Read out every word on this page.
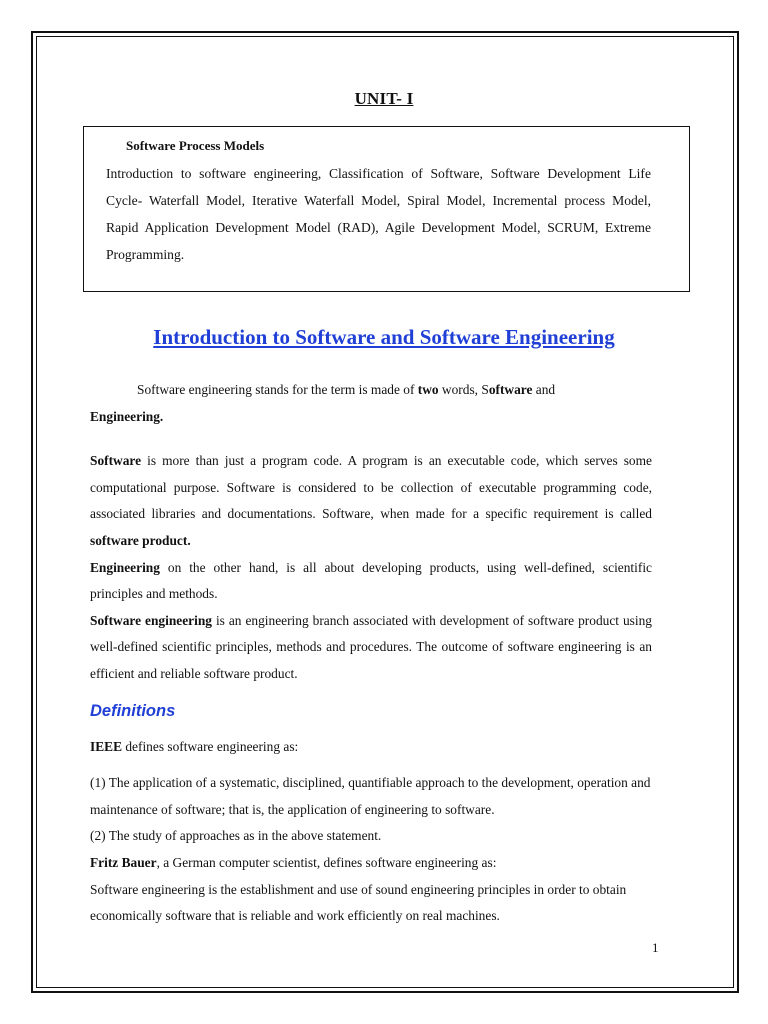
UNIT- I
Software Process Models
Introduction to software engineering, Classification of Software, Software Development Life Cycle- Waterfall Model, Iterative Waterfall Model, Spiral Model, Incremental process Model, Rapid Application Development Model (RAD), Agile Development Model, SCRUM, Extreme Programming.
Introduction to Software and Software Engineering

Software engineering stands for the term is made of two words, Software and

Engineering.

Software is more than just a program code. A program is an executable code, which serves some computational purpose. Software is considered to be collection of executable programming code, associated libraries and documentations. Software, when made for a specific requirement is called software product.

Engineering on the other hand, is all about developing products, using well-defined, scientific principles and methods.

Software engineering is an engineering branch associated with development of software product using well-defined scientific principles, methods and procedures. The outcome of software engineering is an efficient and reliable software product.

Definitions

IEEE defines software engineering as:

(1) The application of a systematic, disciplined, quantifiable approach to the development, operation and maintenance of software; that is, the application of engineering to software.

(2) The study of approaches as in the above statement.

Fritz Bauer, a German computer scientist, defines software engineering as:

Software engineering is the establishment and use of sound engineering principles in order to obtain economically software that is reliable and work efficiently on real machines.

1
